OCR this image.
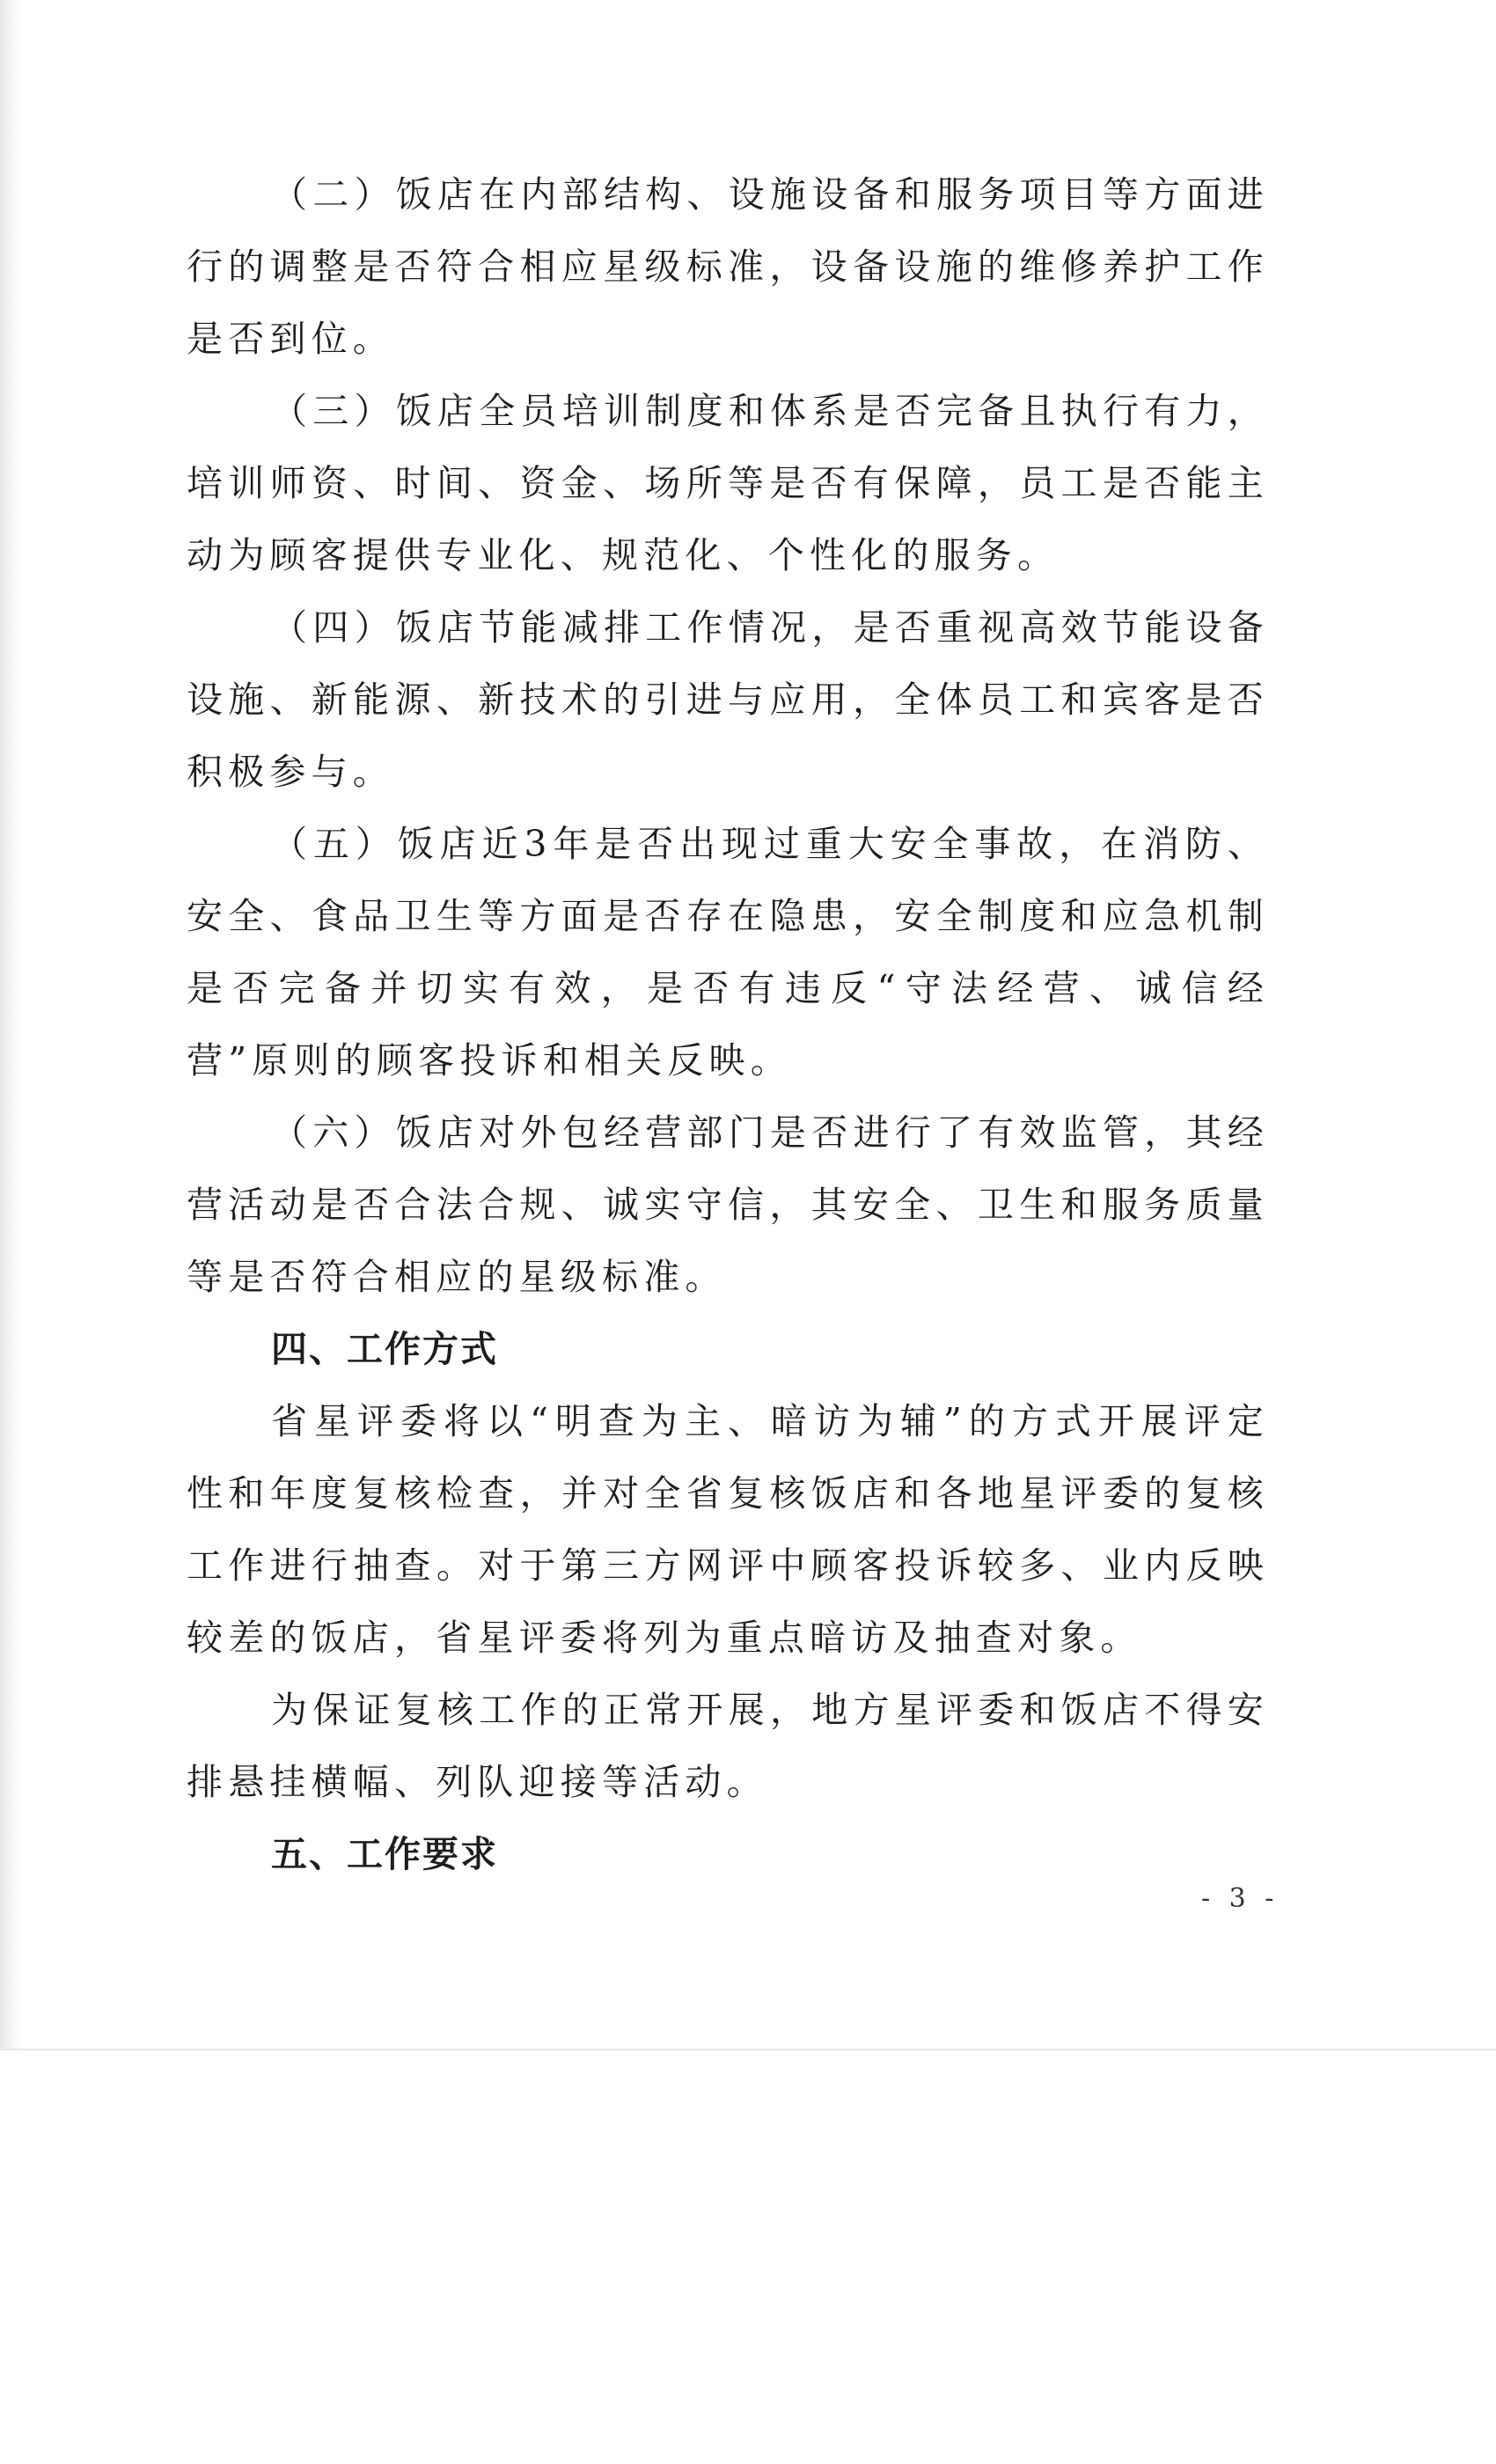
（二）饭店在内部结构、设施设备和服务项目等方面进行的调整是否符合相应星级标准，设备设施的维修养护工作是否到位。

（三）饭店全员培训制度和体系是否完备且执行有力，培训师资、时间、资金、场所等是否有保障，员工是否能主动为顾客提供专业化、规范化、个性化的服务。

（四）饭店节能减排工作情况，是否重视高效节能设备设施、新能源、新技术的引进与应用，全体员工和宾客是否积极参与。

（五）饭店近3年是否出现过重大安全事故，在消防、安全、食品卫生等方面是否存在隐患，安全制度和应急机制是否完备并切实有效，是否有违反“守法经营、诚信经营”原则的顾客投诉和相关反映。

（六）饭店对外包经营部门是否进行了有效监管，其经营活动是否合法合规、诚实守信，其安全、卫生和服务质量等是否符合相应的星级标准。

四、工作方式

省星评委将以“明查为主、暗访为辅”的方式开展评定性和年度复核检查，并对全省复核饭店和各地星评委的复核工作进行抽查。对于第三方网评中顾客投诉较多、业内反映较差的饭店，省星评委将列为重点暗访及抽查对象。

为保证复核工作的正常开展，地方星评委和饭店不得安排悬挂横幅、列队迎接等活动。

五、工作要求

- 3 -
